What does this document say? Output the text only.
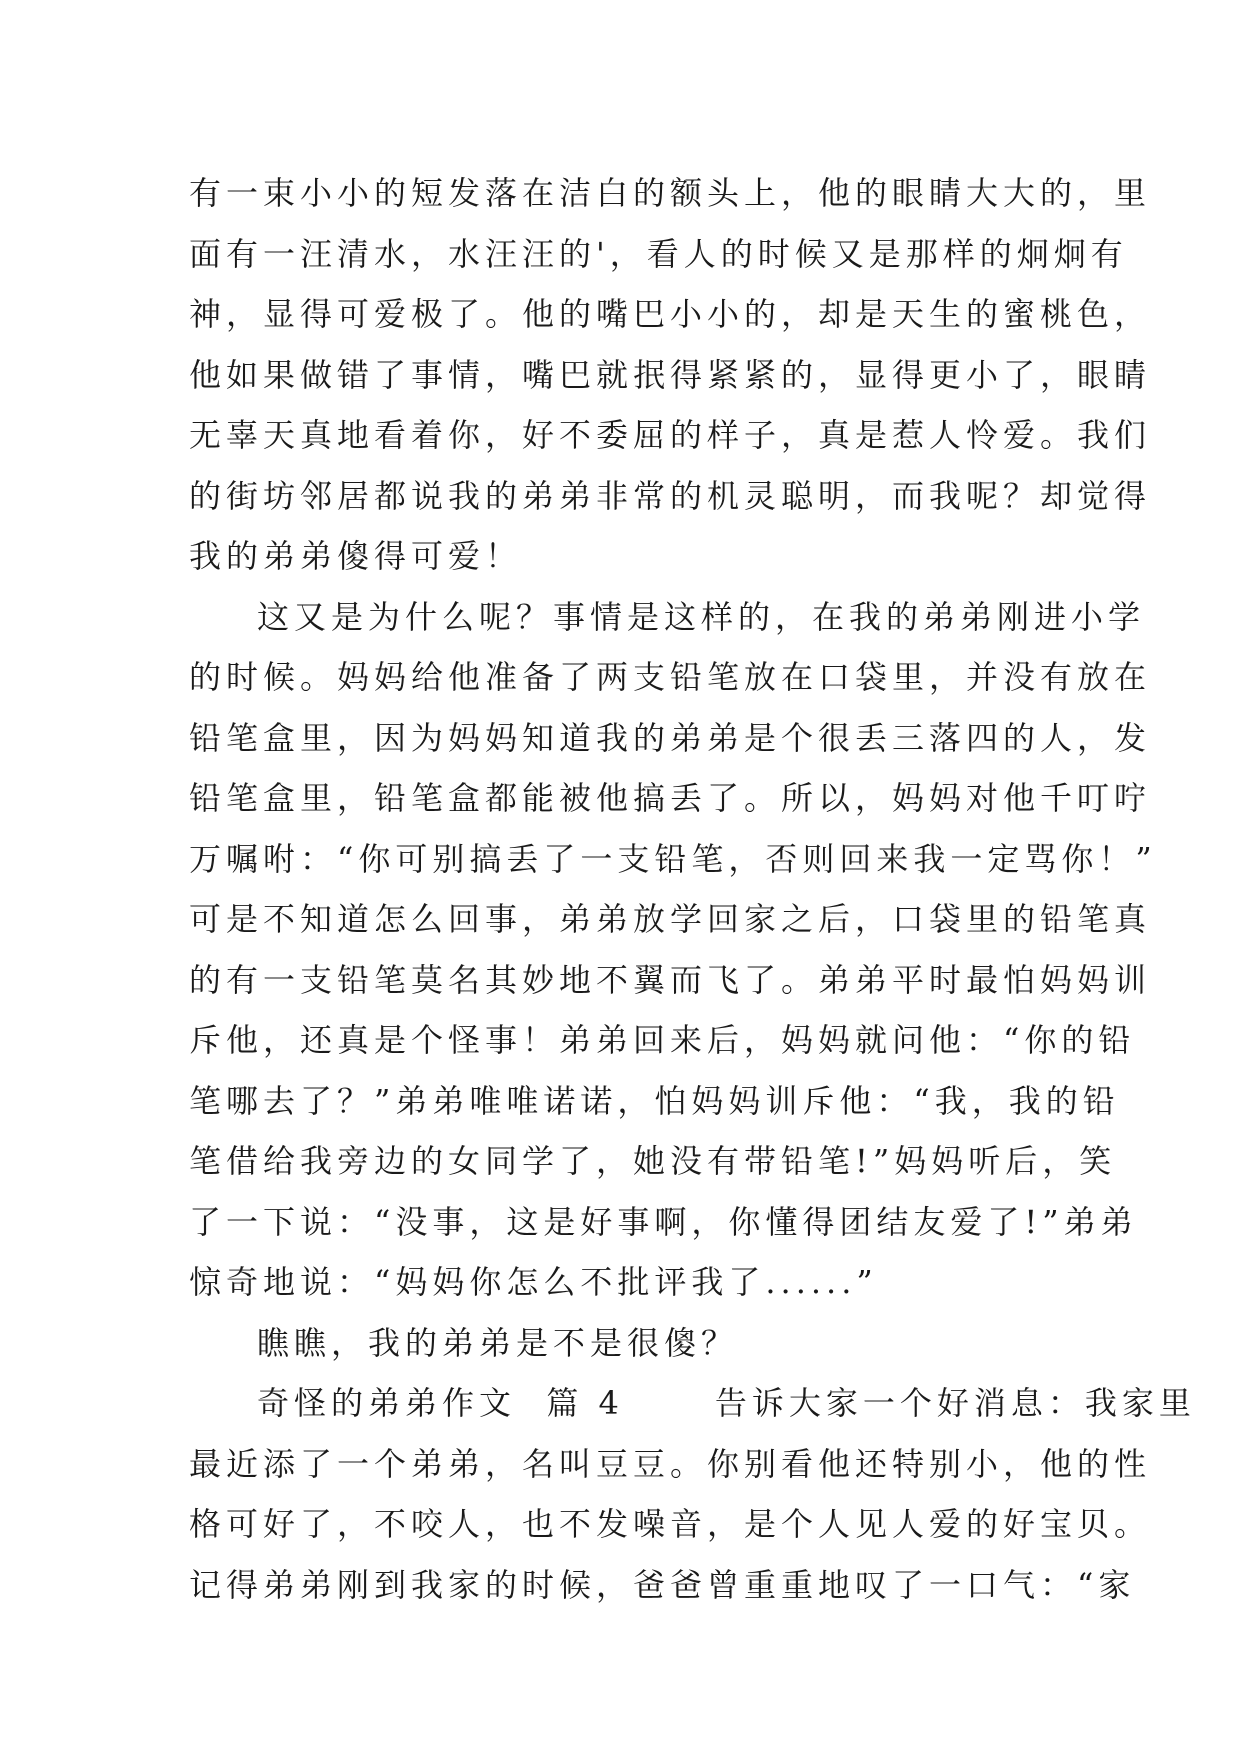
有一束小小的短发落在洁白的额头上，他的眼睛大大的，里
面有一汪清水，水汪汪的'，看人的时候又是那样的炯炯有
神，显得可爱极了。他的嘴巴小小的，却是天生的蜜桃色，
他如果做错了事情，嘴巴就抿得紧紧的，显得更小了，眼睛
无辜天真地看着你，好不委屈的样子，真是惹人怜爱。我们
的街坊邻居都说我的弟弟非常的机灵聪明，而我呢？却觉得
我的弟弟傻得可爱！
这又是为什么呢？事情是这样的，在我的弟弟刚进小学
的时候。妈妈给他准备了两支铅笔放在口袋里，并没有放在
铅笔盒里，因为妈妈知道我的弟弟是个很丢三落四的人，发
铅笔盒里，铅笔盒都能被他搞丢了。所以，妈妈对他千叮咛
万嘱咐：“你可别搞丢了一支铅笔，否则回来我一定骂你！”
可是不知道怎么回事，弟弟放学回家之后，口袋里的铅笔真
的有一支铅笔莫名其妙地不翼而飞了。弟弟平时最怕妈妈训
斥他，还真是个怪事！弟弟回来后，妈妈就问他：“你的铅
笔哪去了？”弟弟唯唯诺诺，怕妈妈训斥他：“我，我的铅
笔借给我旁边的女同学了，她没有带铅笔!”妈妈听后，笑
了一下说：“没事，这是好事啊，你懂得团结友爱了!”弟弟
惊奇地说：“妈妈你怎么不批评我了......”
瞧瞧，我的弟弟是不是很傻？
奇怪的弟弟作文  篇 4      告诉大家一个好消息：我家里
最近添了一个弟弟，名叫豆豆。你别看他还特别小，他的性
格可好了，不咬人，也不发噪音，是个人见人爱的好宝贝。
记得弟弟刚到我家的时候，爸爸曾重重地叹了一口气：“家
